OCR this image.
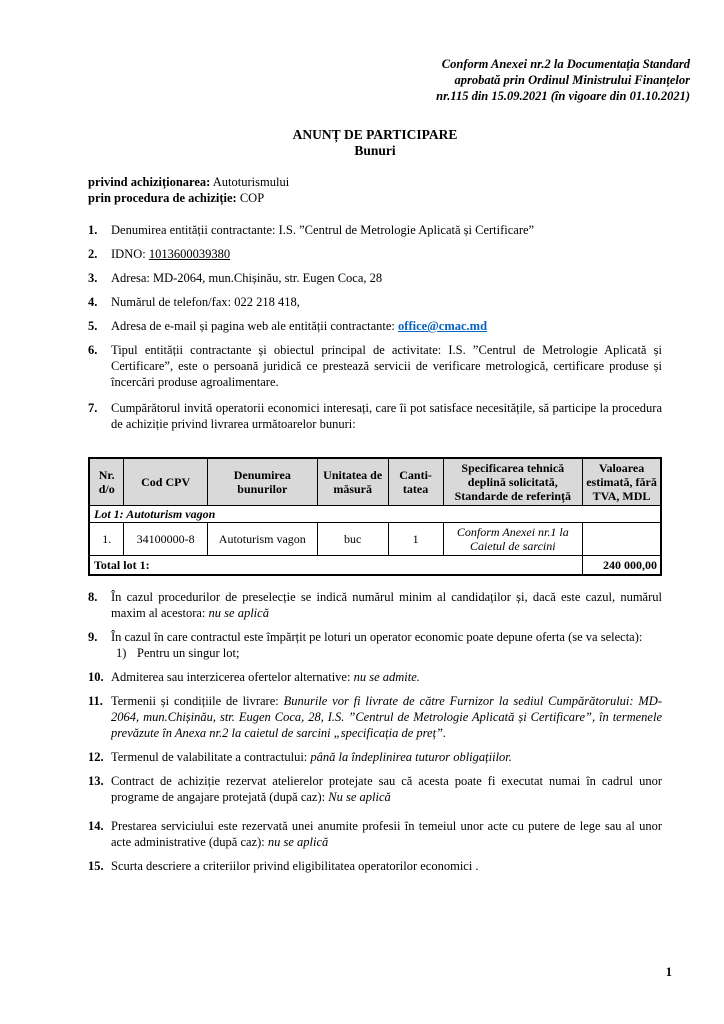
Conform Anexei nr.2 la Documentația Standard
aprobată prin Ordinul Ministrului Finanțelor
nr.115 din 15.09.2021 (în vigoare din 01.10.2021)
ANUNȚ DE PARTICIPARE
Bunuri
privind achiziționarea: Autoturismului
prin procedura de achiziție: COP
1.	Denumirea entității contractante: I.S. ”Centrul de Metrologie Aplicată și Certificare”
2.	IDNO: 1013600039380
3.	Adresa: MD-2064, mun.Chișinău, str. Eugen Coca, 28
4.	Numărul de telefon/fax: 022 218 418,
5.	Adresa de e-mail și pagina web ale entității contractante: office@cmac.md
6.	Tipul entității contractante și obiectul principal de activitate: I.S. ”Centrul de Metrologie Aplicată și Certificare”, este o persoană juridică ce prestează servicii de verificare metrologică, certificare produse și încercări produse agroalimentare.
7.	Cumpărătorul invită operatorii economici interesați, care îi pot satisface necesitățile, să participe la procedura de achiziție privind livrarea următoarelor bunuri:
Nr. d/o	Cod CPV	Denumirea bunurilor	Unitatea de măsură	Canti-tatea	Specificarea tehnică deplină solicitată, Standarde de referință	Valoarea estimată, fără TVA, MDL
Lot 1: Autoturism vagon						
1.	34100000-8	Autoturism vagon	buc	1	Conform Anexei nr.1 la Caietul de sarcini	
Total lot 1:						240 000,00
8.	În cazul procedurilor de preselecție se indică numărul minim al candidaților și, dacă este cazul, numărul maxim al acestora: nu se aplică
9.	În cazul în care contractul este împărțit pe loturi un operator economic poate depune oferta (se va selecta):
1) Pentru un singur lot;
10. Admiterea sau interzicerea ofertelor alternative: nu se admite.
11. Termenii și condițiile de livrare: Bunurile vor fi livrate de către Furnizor la sediul Cumpărătorului: MD-2064, mun.Chișinău, str. Eugen Coca, 28, I.S. ”Centrul de Metrologie Aplicată și Certificare”, în termenele prevăzute în Anexa nr.2 la caietul de sarcini „specificația de preț”.
12. Termenul de valabilitate a contractului: până la îndeplinirea tuturor obligațiilor.
13. Contract de achiziție rezervat atelierelor protejate sau că acesta poate fi executat numai în cadrul unor programe de angajare protejată (după caz): Nu se aplică
14. Prestarea serviciului este rezervată unei anumite profesii în temeiul unor acte cu putere de lege sau al unor acte administrative (după caz): nu se aplică
15. Scurta descriere a criteriilor privind eligibilitatea operatorilor economici .
1
